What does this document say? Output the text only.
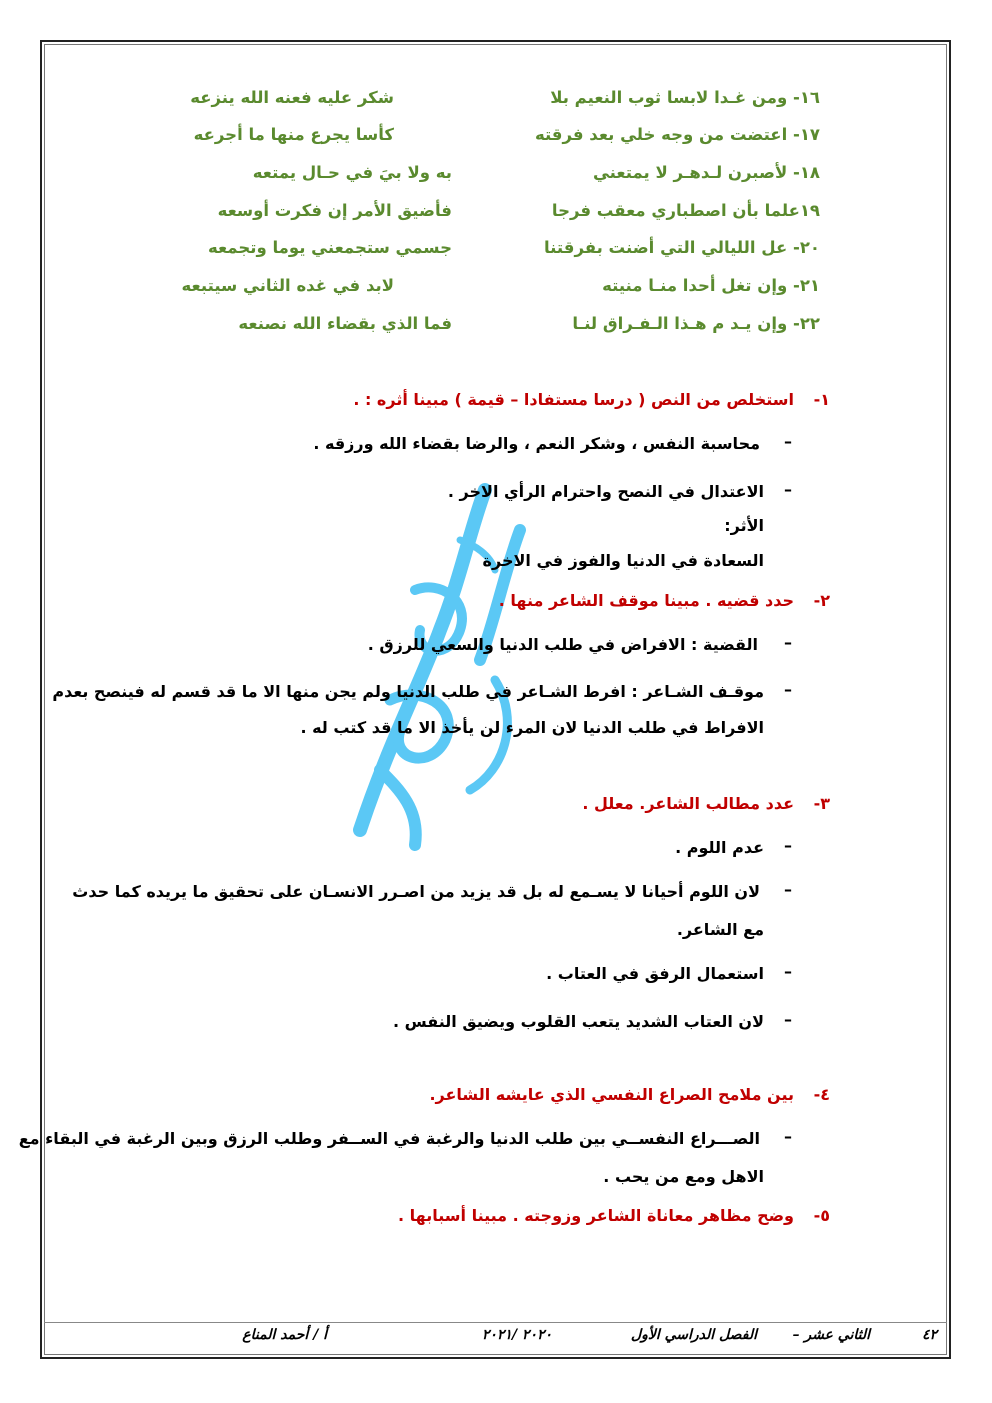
١٦- ومن غـدا لابسا ثوب النعيم بلا
شكر عليه فعنه الله ينزعه
١٧- اعتضت من وجه خلي بعد فرقته
كأسا يجرع منها ما أجرعه
١٨- لأصبرن لـدهـر لا يمتعني
به ولا بيَ في حـال يمتعه
١٩علما بأن اصطباري معقب فرجا
فأضيق الأمر إن فكرت أوسعه
٢٠- عل الليالي التي أضنت بفرقتنا
جسمي ستجمعني يوما وتجمعه
٢١- وإن تغل أحدا منـا منيته
لابد في غده الثاني سيتبعه
٢٢- وإن يـد م هـذا الـفـراق لنـا
فما الذي بقضاء الله نصنعه
١-
استخلص من النص ( درسا مستفادا – قيمة ) مبينا أثره : .
–
محاسبة النفس ، وشكر النعم ، والرضا بقضاء الله ورزقه .
–
الاعتدال في النصح واحترام الرأي الاخر .
الأثر:
السعادة في الدنيا والفوز في الاخرة
٢-
حدد قضيه . مبينا موقف الشاعر منها .
–
القضية : الافراض في طلب الدنيا والسعي للرزق .
–
موقـف الشـاعر : افرط الشـاعر في طلب الدنيا ولم يجن منها الا ما قد قسم له فينصح بعدم
الافراط في طلب الدنيا لان المرء لن يأخذ الا ما قد كتب له .
٣-
عدد مطالب الشاعر. معلل .
–
عدم اللوم .
–
لان اللوم أحيانا لا يسـمع له بل قد يزيد من اصـرر الانسـان على تحقيق ما يريده كما حدث
مع الشاعر.
–
استعمال الرفق في العتاب .
–
لان العتاب الشديد يتعب القلوب ويضيق النفس .
٤-
بين ملامح الصراع النفسي الذي عايشه الشاعر.
–
الصـــراع النفســي بين طلب الدنيا والرغبة في الســفر وطلب الرزق وبين الرغبة في البقاء مع
الاهل ومع من يحب .
٥-
وضح مظاهر معاناة الشاعر وزوجته . مبينا أسبابها .
٤٢
الثاني عشر –
الفصل الدراسي الأول
٢٠٢٠ /٢٠٢١
أ / أحمد المناع
